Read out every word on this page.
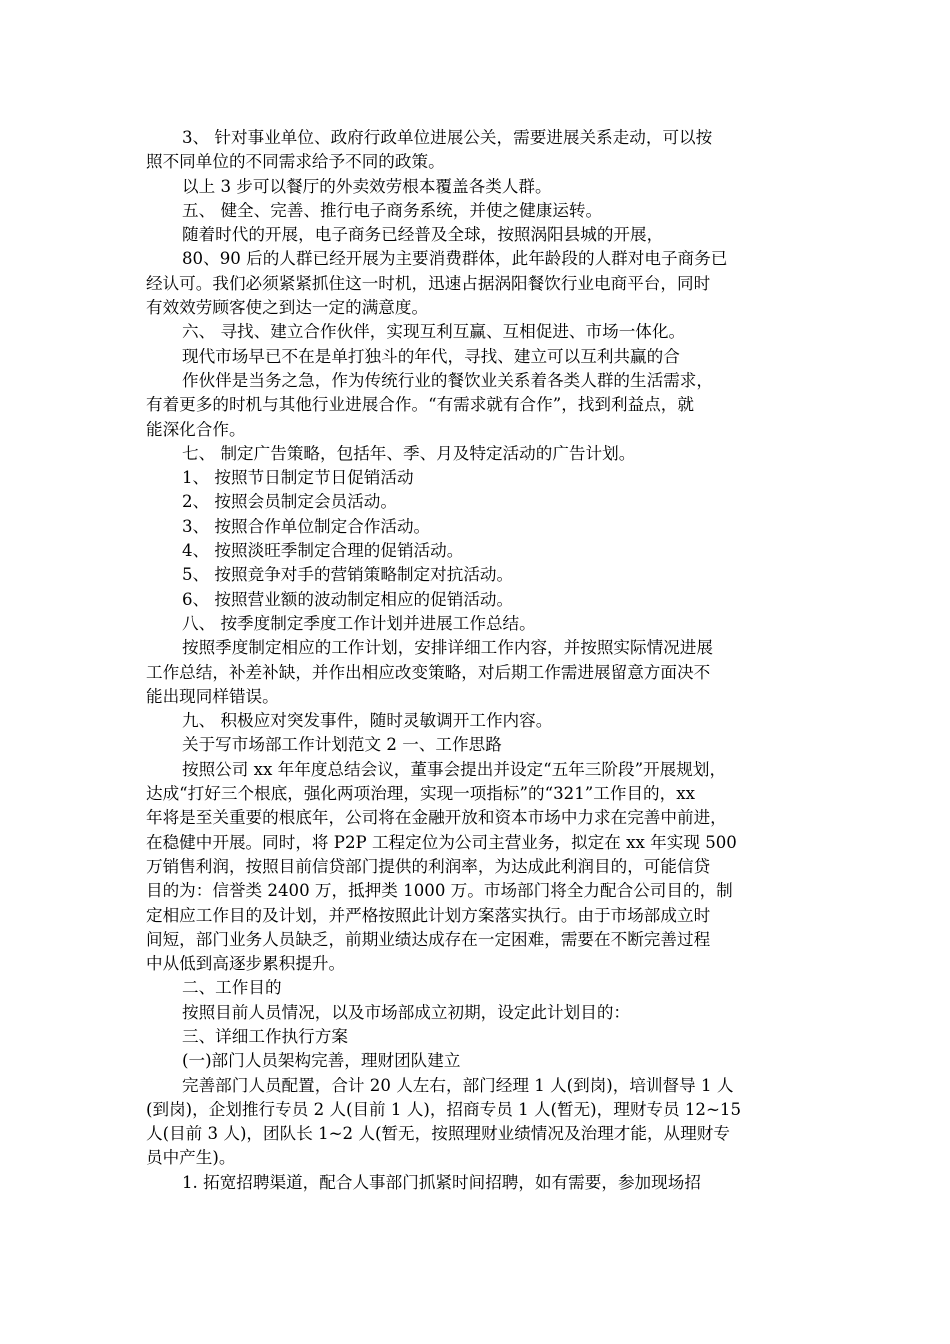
3、 针对事业单位、政府行政单位进展公关，需要进展关系走动，可以按
照不同单位的不同需求给予不同的政策。
以上 3 步可以餐厅的外卖效劳根本覆盖各类人群。
五、 健全、完善、推行电子商务系统，并使之健康运转。
随着时代的开展，电子商务已经普及全球，按照涡阳县城的开展，
80、90 后的人群已经开展为主要消费群体，此年龄段的人群对电子商务已
经认可。我们必须紧紧抓住这一时机，迅速占据涡阳餐饮行业电商平台，同时
有效效劳顾客使之到达一定的满意度。
六、 寻找、建立合作伙伴，实现互利互赢、互相促进、市场一体化。
现代市场早已不在是单打独斗的年代，寻找、建立可以互利共赢的合
作伙伴是当务之急，作为传统行业的餐饮业关系着各类人群的生活需求，
有着更多的时机与其他行业进展合作。“有需求就有合作”，找到利益点，就
能深化合作。
七、 制定广告策略，包括年、季、月及特定活动的广告计划。
1、 按照节日制定节日促销活动
2、 按照会员制定会员活动。
3、 按照合作单位制定合作活动。
4、 按照淡旺季制定合理的促销活动。
5、 按照竞争对手的营销策略制定对抗活动。
6、 按照营业额的波动制定相应的促销活动。
八、 按季度制定季度工作计划并进展工作总结。
按照季度制定相应的工作计划，安排详细工作内容，并按照实际情况进展
工作总结，补差补缺，并作出相应改变策略，对后期工作需进展留意方面决不
能出现同样错误。
九、 积极应对突发事件，随时灵敏调开工作内容。
关于写市场部工作计划范文 2 一、工作思路
按照公司 xx 年年度总结会议，董事会提出并设定“五年三阶段”开展规划，
达成“打好三个根底，强化两项治理，实现一项指标”的“321”工作目的，xx
年将是至关重要的根底年，公司将在金融开放和资本市场中力求在完善中前进，
在稳健中开展。同时，将 P2P 工程定位为公司主营业务，拟定在 xx 年实现 500
万销售利润，按照目前信贷部门提供的利润率，为达成此利润目的，可能信贷
目的为：信誉类 2400 万，抵押类 1000 万。市场部门将全力配合公司目的，制
定相应工作目的及计划，并严格按照此计划方案落实执行。由于市场部成立时
间短，部门业务人员缺乏，前期业绩达成存在一定困难，需要在不断完善过程
中从低到高逐步累积提升。
二、工作目的
按照目前人员情况，以及市场部成立初期，设定此计划目的：
三、详细工作执行方案
(一)部门人员架构完善，理财团队建立
完善部门人员配置，合计 20 人左右，部门经理 1 人(到岗)，培训督导 1 人
(到岗)，企划推行专员 2 人(目前 1 人)，招商专员 1 人(暂无)，理财专员 12~15
人(目前 3 人)，团队长 1~2 人(暂无，按照理财业绩情况及治理才能，从理财专
员中产生)。
1. 拓宽招聘渠道，配合人事部门抓紧时间招聘，如有需要，参加现场招
